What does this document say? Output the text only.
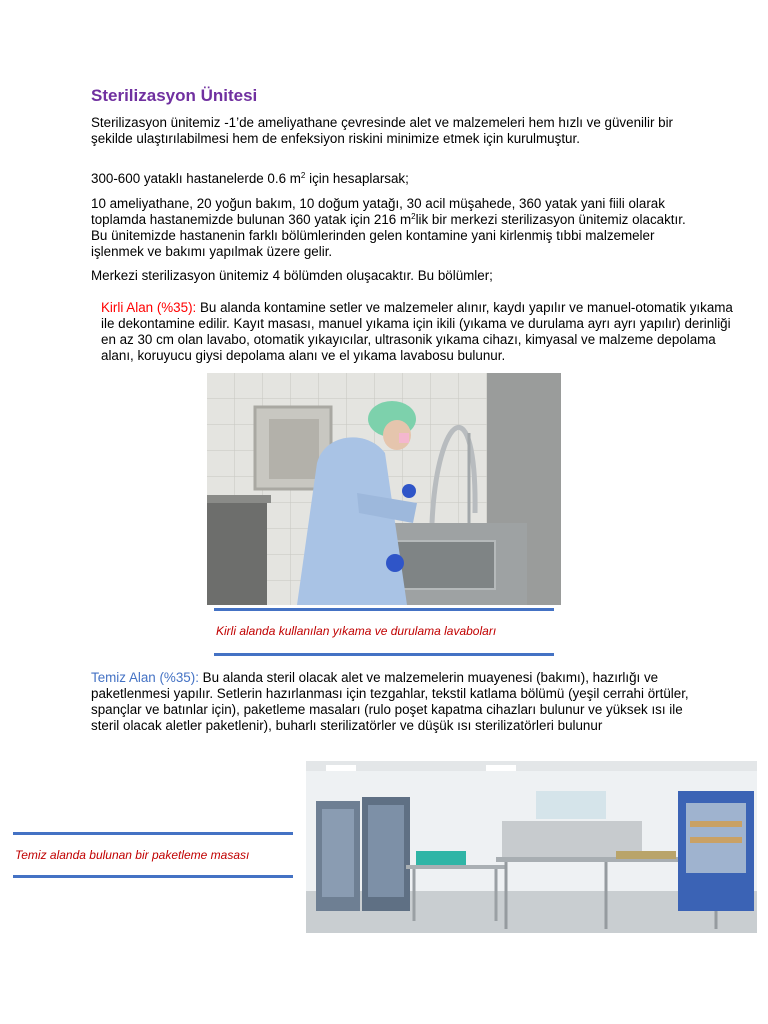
Sterilizasyon Ünitesi
Sterilizasyon ünitemiz -1’de ameliyathane çevresinde alet ve malzemeleri hem hızlı ve güvenilir bir şekilde ulaştırılabilmesi hem de enfeksiyon riskini minimize etmek için kurulmuştur.
300-600 yataklı hastanelerde 0.6 $m^2$ için hesaplarsak;
10 ameliyathane, 20 yoğun bakım, 10 doğum yatağı, 30 acil müşahede, 360 yatak yani fiili olarak toplamda hastanemizde bulunan 360 yatak için 216 $m^2lik$ bir merkezi sterilizasyon ünitemiz olacaktır. Bu ünitemizde hastanenin farklı bölümlerinden gelen kontamine yani kirlenmiş tıbbi malzemeler işlenmek ve bakımı yapılmak üzere gelir.
Merkezi sterilizasyon ünitemiz 4 bölümden oluşacaktır. Bu bölümler;
Kirli Alan (%35): Bu alanda kontamine setler ve malzemeler alınır, kaydı yapılır ve manuel-otomatik yıkama ile dekontamine edilir. Kayıt masası, manuel yıkama için ikili (yıkama ve durulama ayrı ayrı yapılır) derinliği en az 30 cm olan lavabo, otomatik yıkayıcılar, ultrasonik yıkama cihazı, kimyasal ve malzeme depolama alanı, koruyucu giysi depolama alanı ve el yıkama lavabosu bulunur.
Kirli alanda kullanılan yıkama ve durulama lavaboları
Temiz Alan (%35): Bu alanda steril olacak alet ve malzemelerin muayenesi (bakımı), hazırlığı ve paketlenmesi yapılır. Setlerin hazırlanması için tezgahlar, tekstil katlama bölümü (yeşil cerrahi örtüler, spançlar ve batınlar için), paketleme masaları (rulo poşet kapatma cihazları bulunur ve yüksek ısı ile steril olacak aletler paketlenir), buharlı sterilizatörler ve düşük ısı sterilizatörleri bulunur
Temiz alanda bulunan bir paketleme masası
